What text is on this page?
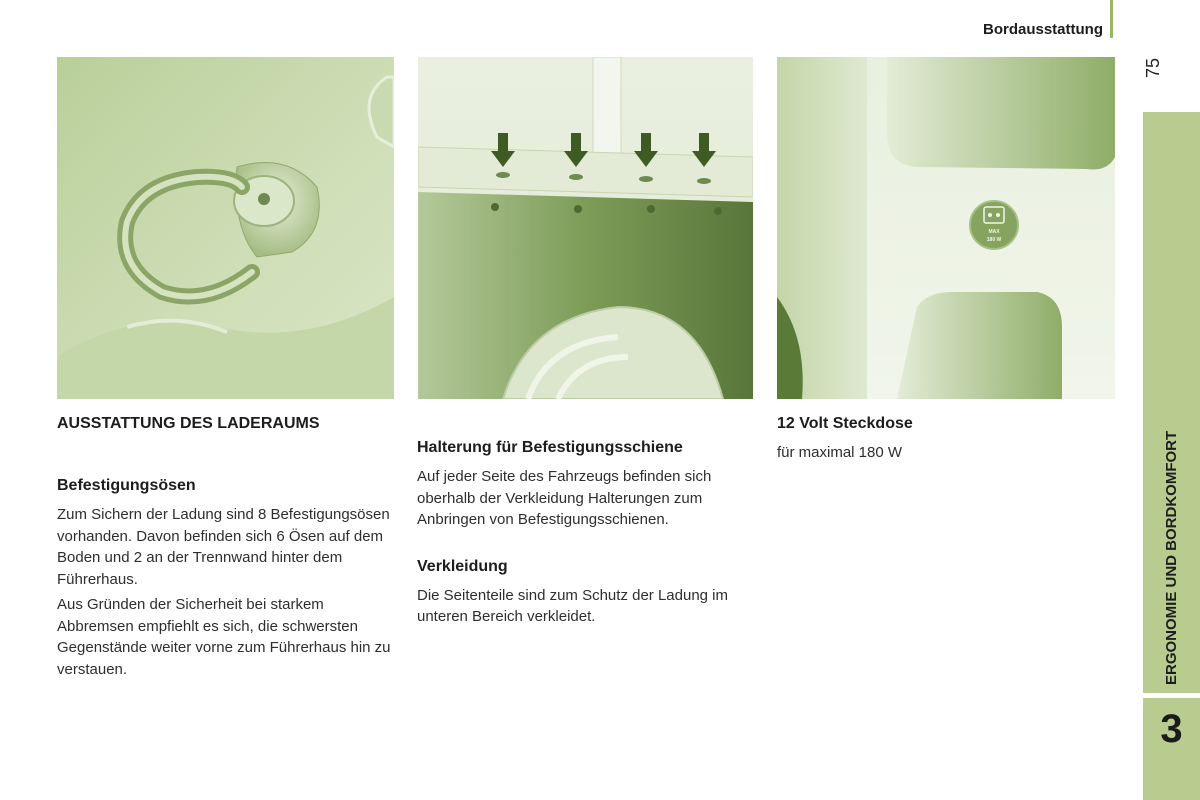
Bordausstattung
75
ERGONOMIE UND BORDKOMFORT
3
MAX
180 W
AUSSTATTUNG DES LADERAUMS
Befestigungsösen

Zum Sichern der Ladung sind 8 Befestigungsösen vorhanden. Davon befinden sich 6 Ösen auf dem Boden und 2 an der Trennwand hinter dem Führerhaus.

Aus Gründen der Sicherheit bei starkem Abbremsen empfiehlt es sich, die schwersten Gegenstände weiter vorne zum Führerhaus hin zu verstauen.

Halterung für Befestigungsschiene

Auf jeder Seite des Fahrzeugs befinden sich oberhalb der Verkleidung Halterungen zum Anbringen von Befestigungsschienen.

Verkleidung

Die Seitenteile sind zum Schutz der Ladung im unteren Bereich verkleidet.

12 Volt Steckdose

für maximal 180 W
